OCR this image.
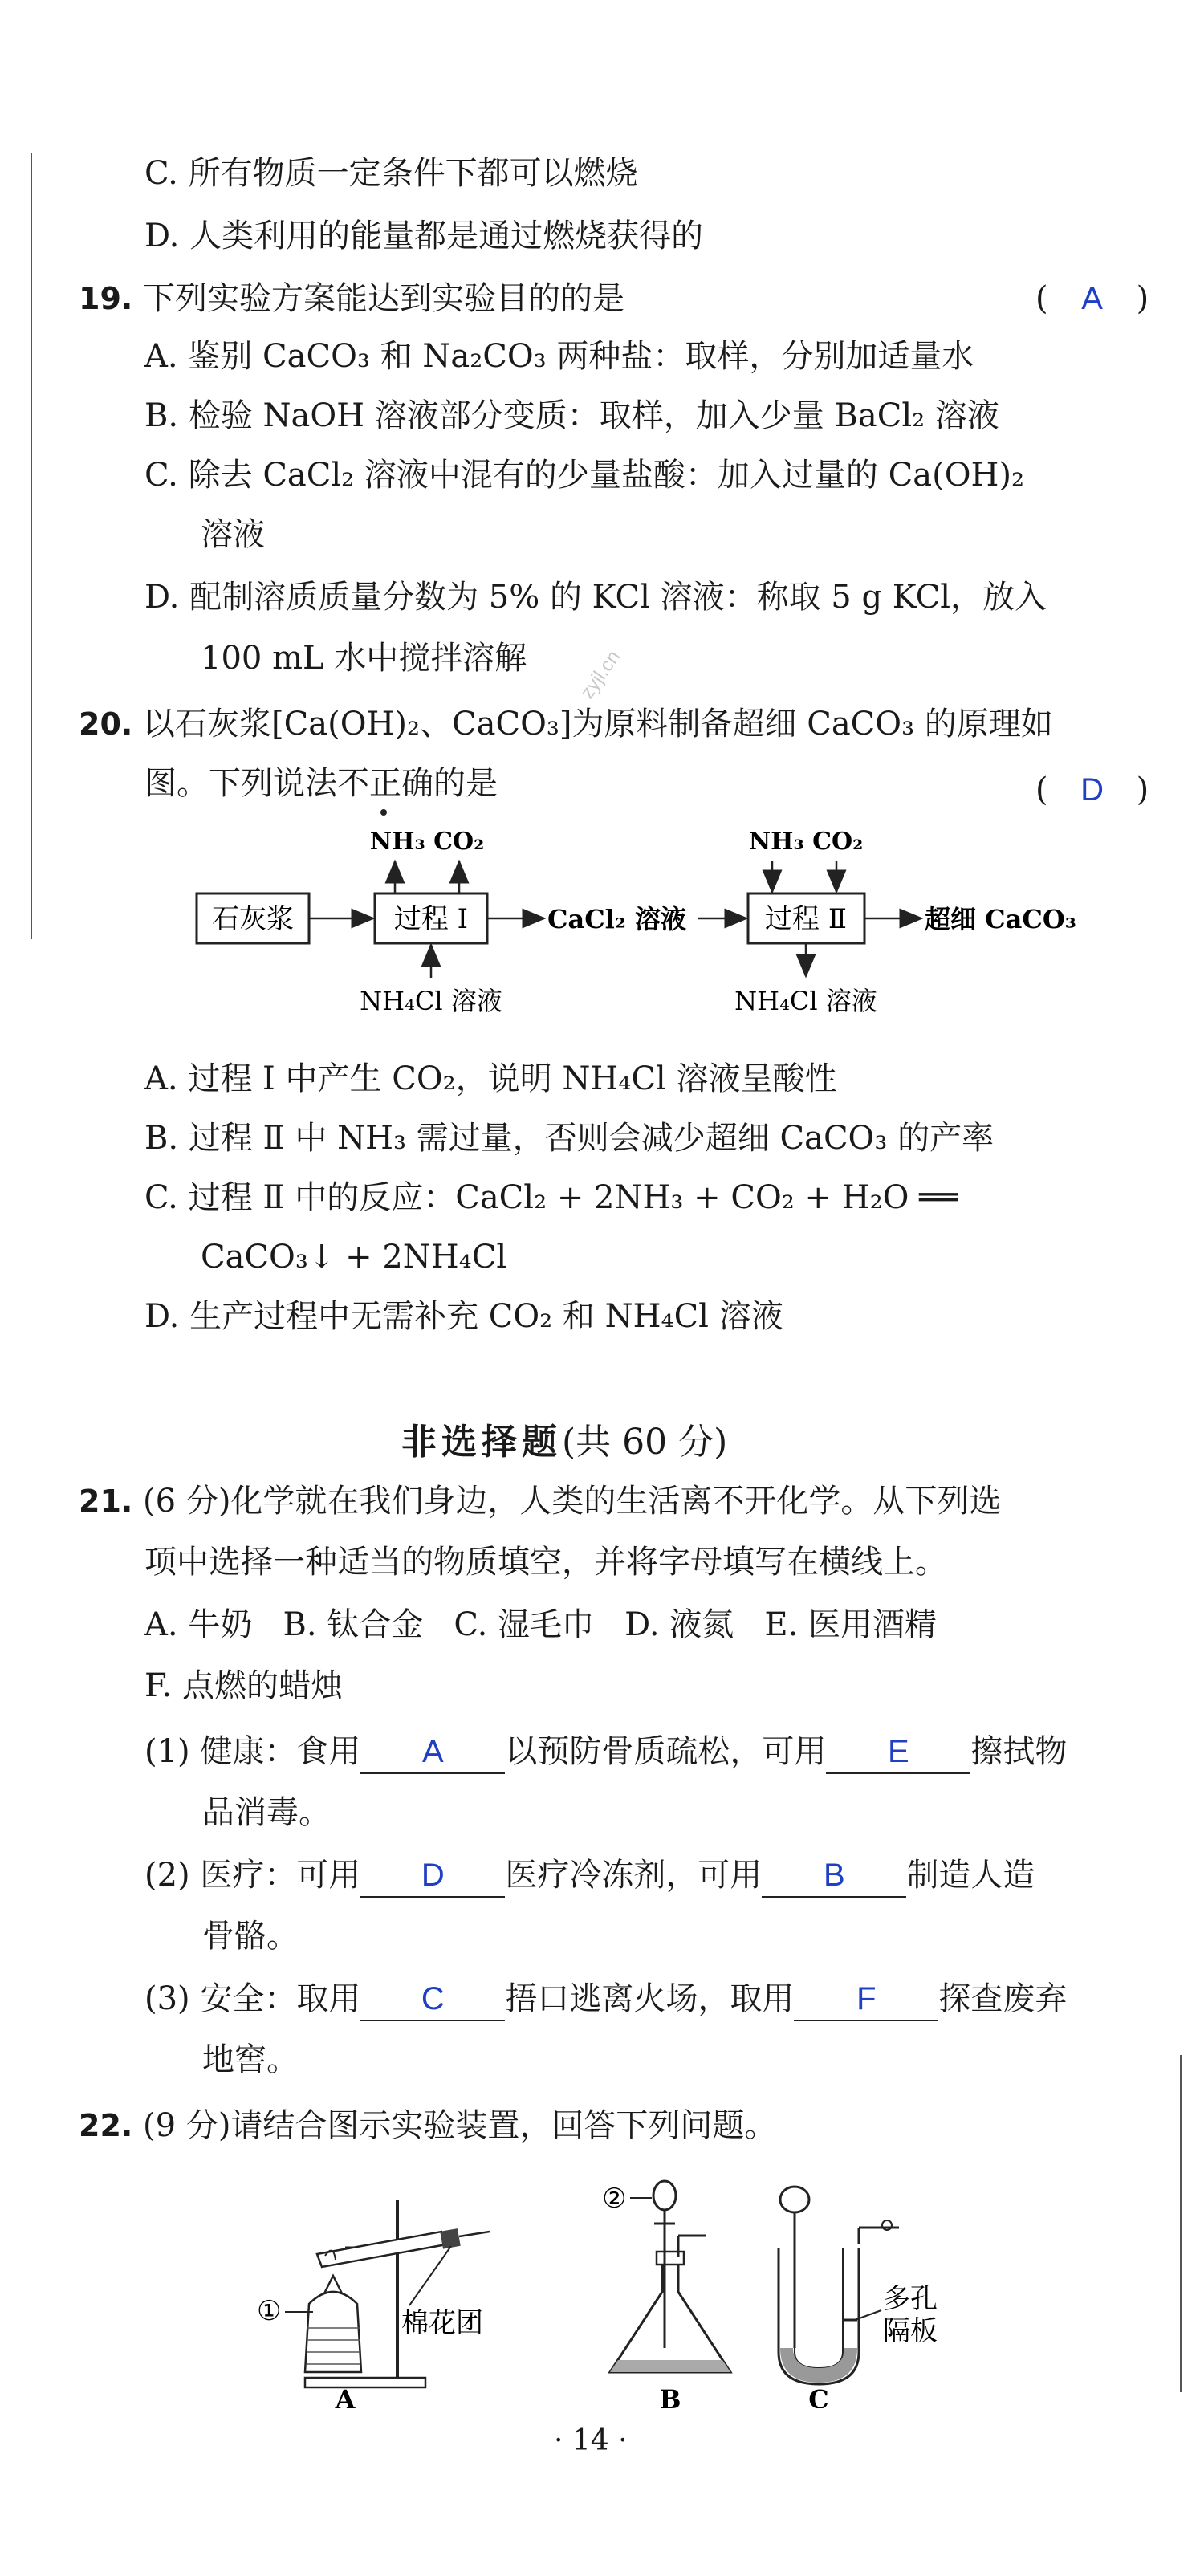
C. 所有物质一定条件下都可以燃烧
D. 人类利用的能量都是通过燃烧获得的
19. 下列实验方案能达到实验目的的是	( A )
A. 鉴别 CaCO₃ 和 Na₂CO₃ 两种盐：取样，分别加适量水
B. 检验 NaOH 溶液部分变质：取样，加入少量 BaCl₂ 溶液
C. 除去 CaCl₂ 溶液中混有的少量盐酸：加入过量的 Ca(OH)₂
溶液
D. 配制溶质质量分数为 5% 的 KCl 溶液：称取 5 g KCl，放入
100 mL 水中搅拌溶解	zyjl.cn
20. 以石灰浆[Ca(OH)₂、CaCO₃]为原料制备超细 CaCO₃ 的原理如
图。下列说法不正确的是	( D )
石灰浆	过程 Ⅰ
NH₃ CO₂
NH₄Cl 溶液
CaCl₂ 溶液	过程 Ⅱ
NH₃ CO₂
NH₄Cl 溶液
超细 CaCO₃
A. 过程 Ⅰ 中产生 CO₂，说明 NH₄Cl 溶液呈酸性
B. 过程 Ⅱ 中 NH₃ 需过量，否则会减少超细 CaCO₃ 的产率
C. 过程 Ⅱ 中的反应：CaCl₂ + 2NH₃ + CO₂ + H₂O ══
CaCO₃↓ + 2NH₄Cl
D. 生产过程中无需补充 CO₂ 和 NH₄Cl 溶液
非选择题(共 60 分)
21. (6 分)化学就在我们身边，人类的生活离不开化学。从下列选
项中选择一种适当的物质填空，并将字母填写在横线上。
A. 牛奶   B. 钛合金   C. 湿毛巾   D. 液氮   E. 医用酒精
F. 点燃的蜡烛
(1) 健康：食用 A 以预防骨质疏松，可用 E 擦拭物
品消毒。
(2) 医疗：可用 D 医疗冷冻剂，可用 B 制造人造
骨骼。
(3) 安全：取用 C 捂口逃离火场，取用 F 探查废弃
地窖。
22. (9 分)请结合图示实验装置，回答下列问题。
①	棉花团
A
②
B
多孔
隔板
C
· 14 ·
